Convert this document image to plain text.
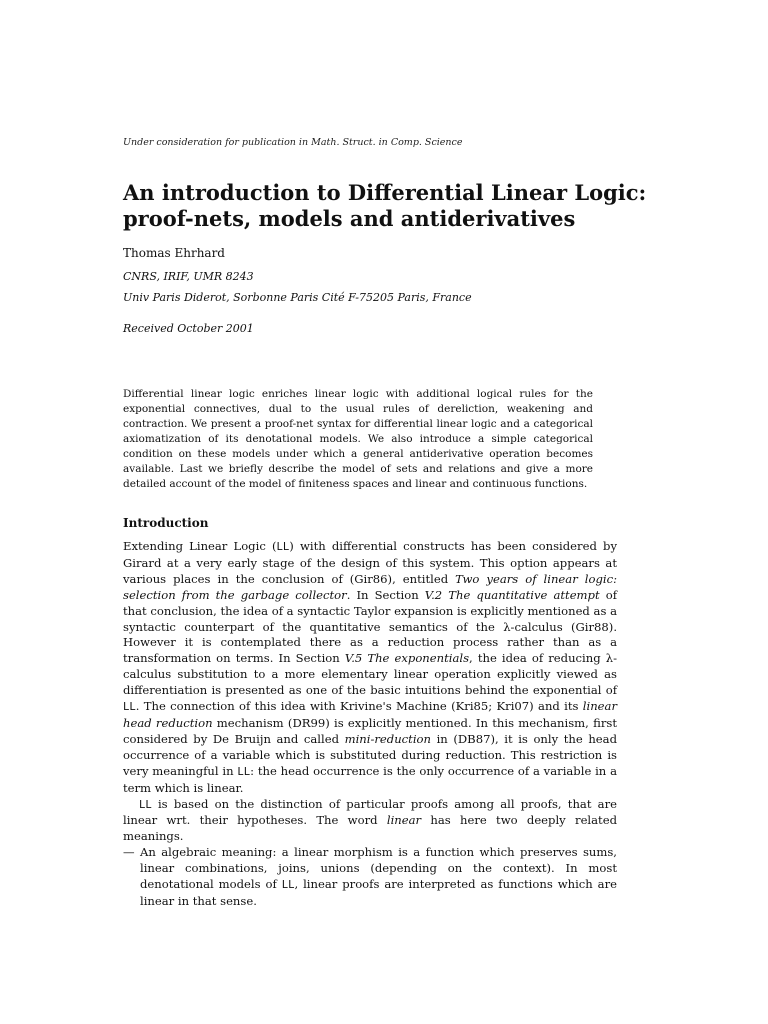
Under consideration for publication in Math. Struct. in Comp. Science
An introduction to Differential Linear Logic:
proof-nets, models and antiderivatives
Thomas Ehrhard
CNRS, IRIF, UMR 8243
Univ Paris Diderot, Sorbonne Paris Cité F-75205 Paris, France
Received October 2001

Differential linear logic enriches linear logic with additional logical rules for the exponential connectives, dual to the usual rules of dereliction, weakening and contraction. We present a proof-net syntax for differential linear logic and a categorical axiomatization of its denotational models. We also introduce a simple categorical condition on these models under which a general antiderivative operation becomes available. Last we briefly describe the model of sets and relations and give a more detailed account of the model of finiteness spaces and linear and continuous functions.

Introduction

Extending Linear Logic (LL) with differential constructs has been considered by Girard at a very early stage of the design of this system. This option appears at various places in the conclusion of (Gir86), entitled Two years of linear logic: selection from the garbage collector. In Section V.2 The quantitative attempt of that conclusion, the idea of a syntactic Taylor expansion is explicitly mentioned as a syntactic counterpart of the quantitative semantics of the λ-calculus (Gir88). However it is contemplated there as a reduction process rather than as a transformation on terms. In Section V.5 The exponentials, the idea of reducing λ-calculus substitution to a more elementary linear operation explicitly viewed as differentiation is presented as one of the basic intuitions behind the exponential of LL. The connection of this idea with Krivine's Machine (Kri85; Kri07) and its linear head reduction mechanism (DR99) is explicitly mentioned. In this mechanism, first considered by De Bruijn and called mini-reduction in (DB87), it is only the head occurrence of a variable which is substituted during reduction. This restriction is very meaningful in LL: the head occurrence is the only occurrence of a variable in a term which is linear.

LL is based on the distinction of particular proofs among all proofs, that are linear wrt. their hypotheses. The word linear has here two deeply related meanings.

— An algebraic meaning: a linear morphism is a function which preserves sums, linear combinations, joins, unions (depending on the context). In most denotational models of LL, linear proofs are interpreted as functions which are linear in that sense.
